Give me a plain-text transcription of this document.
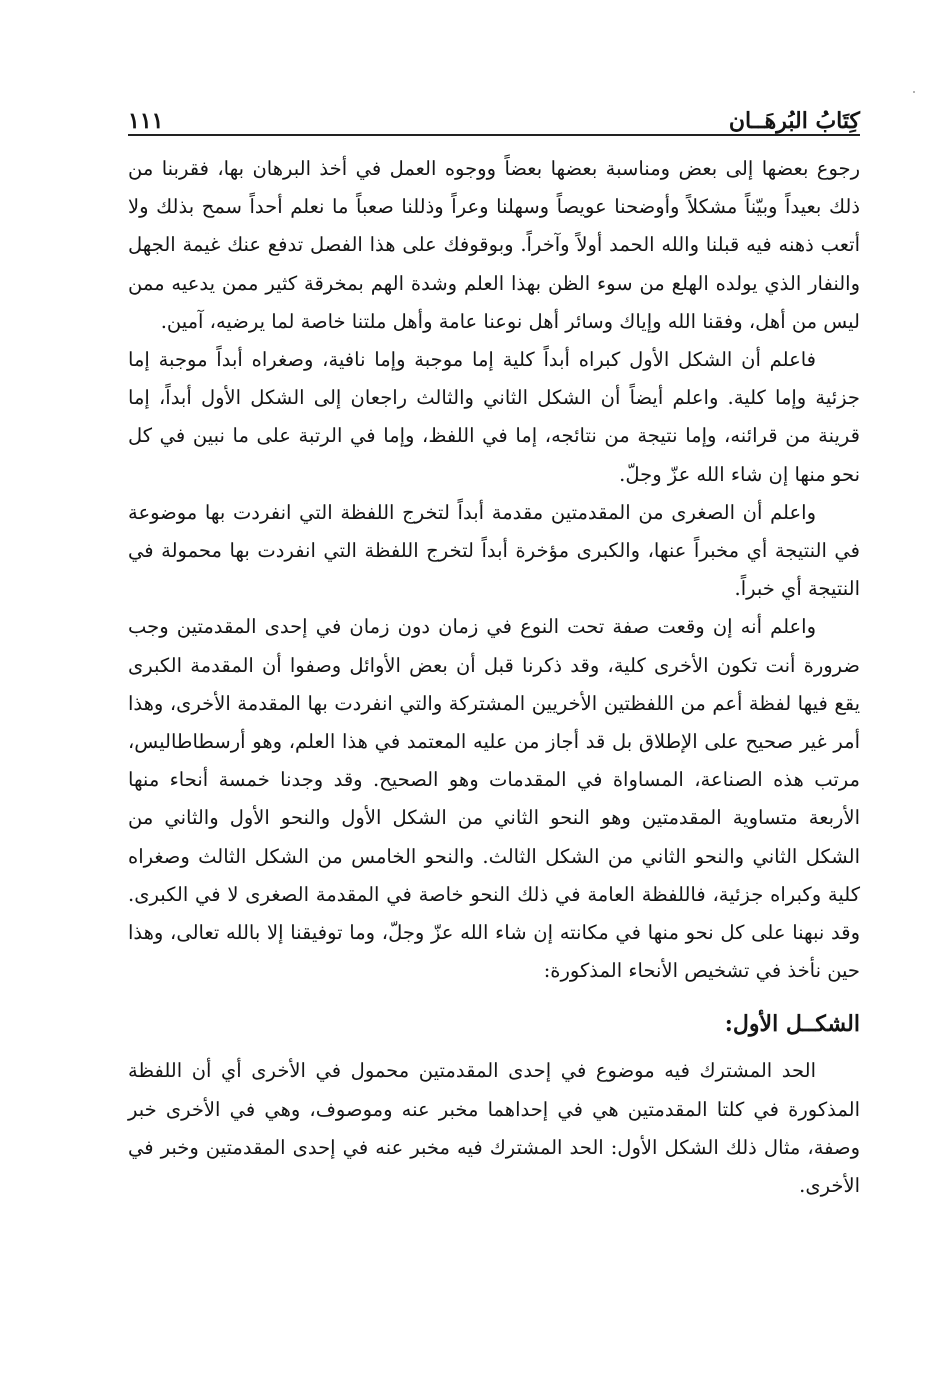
كِتَابُ البُرهَــان
١١١

رجوع بعضها إلى بعض ومناسبة بعضها بعضاً ووجوه العمل في أخذ البرهان بها، فقربنا من ذلك بعيداً وبيّناً مشكلاً وأوضحنا عويصاً وسهلنا وعراً وذللنا صعباً ما نعلم أحداً سمح بذلك ولا أتعب ذهنه فيه قبلنا والله الحمد أولاً وآخراً. وبوقوفك على هذا الفصل تدفع عنك غيمة الجهل والنفار الذي يولده الهلع من سوء الظن بهذا العلم وشدة الهم بمخرقة كثير ممن يدعيه ممن ليس من أهل، وفقنا الله وإياك وسائر أهل نوعنا عامة وأهل ملتنا خاصة لما يرضيه، آمين.

فاعلم أن الشكل الأول كبراه أبداً كلية إما موجبة وإما نافية، وصغراه أبداً موجبة إما جزئية وإما كلية. واعلم أيضاً أن الشكل الثاني والثالث راجعان إلى الشكل الأول أبداً، إما قرينة من قرائنه، وإما نتيجة من نتائجه، إما في اللفظ، وإما في الرتبة على ما نبين في كل نحو منها إن شاء الله عزّ وجلّ.

واعلم أن الصغرى من المقدمتين مقدمة أبداً لتخرج اللفظة التي انفردت بها موضوعة في النتيجة أي مخبراً عنها، والكبرى مؤخرة أبداً لتخرج اللفظة التي انفردت بها محمولة في النتيجة أي خبراً.

واعلم أنه إن وقعت صفة تحت النوع في زمان دون زمان في إحدى المقدمتين وجب ضرورة أنت تكون الأخرى كلية، وقد ذكرنا قبل أن بعض الأوائل وصفوا أن المقدمة الكبرى يقع فيها لفظة أعم من اللفظتين الأخريين المشتركة والتي انفردت بها المقدمة الأخرى، وهذا أمر غير صحيح على الإطلاق بل قد أجاز من عليه المعتمد في هذا العلم، وهو أرسطاطاليس، مرتب هذه الصناعة، المساواة في المقدمات وهو الصحيح. وقد وجدنا خمسة أنحاء منها الأربعة متساوية المقدمتين وهو النحو الثاني من الشكل الأول والنحو الأول والثاني من الشكل الثاني والنحو الثاني من الشكل الثالث. والنحو الخامس من الشكل الثالث وصغراه كلية وكبراه جزئية، فاللفظة العامة في ذلك النحو خاصة في المقدمة الصغرى لا في الكبرى. وقد نبهنا على كل نحو منها في مكانته إن شاء الله عزّ وجلّ، وما توفيقنا إلا بالله تعالى، وهذا حين نأخذ في تشخيص الأنحاء المذكورة:

الشكــل الأول:

الحد المشترك فيه موضوع في إحدى المقدمتين محمول في الأخرى أي أن اللفظة المذكورة في كلتا المقدمتين هي في إحداهما مخبر عنه وموصوف، وهي في الأخرى خبر وصفة، مثال ذلك الشكل الأول: الحد المشترك فيه مخبر عنه في إحدى المقدمتين وخبر في الأخرى.
